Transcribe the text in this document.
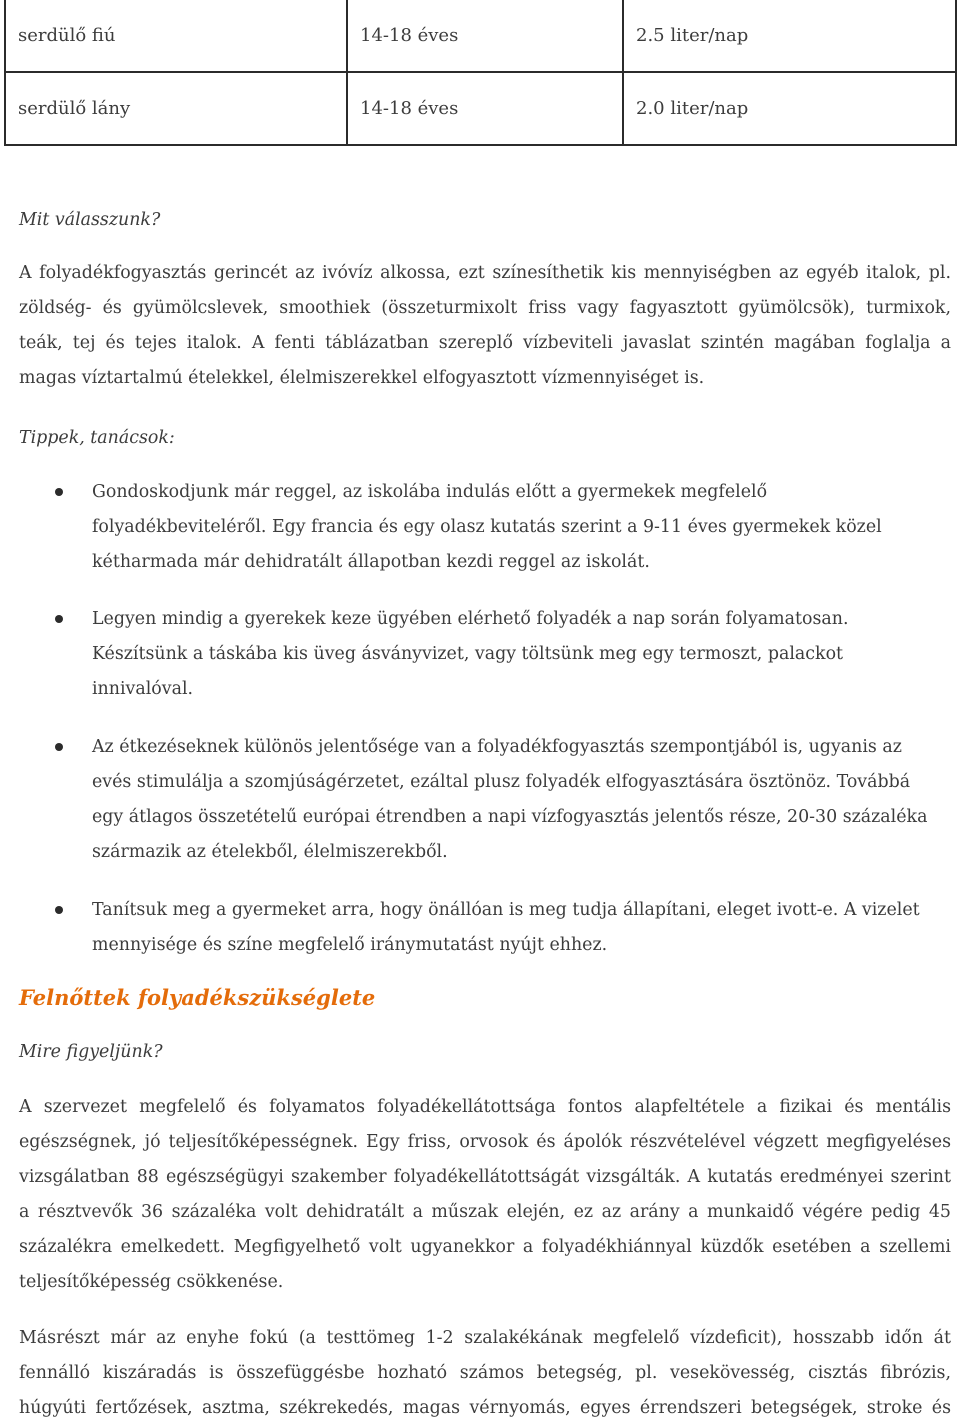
serdülő fiú	14-18 éves	2.5 liter/nap
serdülő lány	14-18 éves	2.0 liter/nap
Mit válasszunk?
A folyadékfogyasztás gerincét az ivóvíz alkossa, ezt színesíthetik kis mennyiségben az egyéb italok, pl.
zöldség- és gyümölcslevek, smoothiek (összeturmixolt friss vagy fagyasztott gyümölcsök), turmixok,
teák, tej és tejes italok. A fenti táblázatban szereplő vízbeviteli javaslat szintén magában foglalja a
magas víztartalmú ételekkel, élelmiszerekkel elfogyasztott vízmennyiséget is.
Tippek, tanácsok:
Gondoskodjunk már reggel, az iskolába indulás előtt a gyermekek megfelelő
folyadékbeviteléről. Egy francia és egy olasz kutatás szerint a 9-11 éves gyermekek közel
kétharmada már dehidratált állapotban kezdi reggel az iskolát.
Legyen mindig a gyerekek keze ügyében elérhető folyadék a nap során folyamatosan.
Készítsünk a táskába kis üveg ásványvizet, vagy töltsünk meg egy termoszt, palackot
innivalóval.
Az étkezéseknek különös jelentősége van a folyadékfogyasztás szempontjából is, ugyanis az
evés stimulálja a szomjúságérzetet, ezáltal plusz folyadék elfogyasztására ösztönöz. Továbbá
egy átlagos összetételű európai étrendben a napi vízfogyasztás jelentős része, 20-30 százaléka
származik az ételekből, élelmiszerekből.
Tanítsuk meg a gyermeket arra, hogy önállóan is meg tudja állapítani, eleget ivott-e. A vizelet
mennyisége és színe megfelelő iránymutatást nyújt ehhez.
Felnőttek folyadékszükséglete
Mire figyeljünk?
A szervezet megfelelő és folyamatos folyadékellátottsága fontos alapfeltétele a fizikai és mentális
egészségnek, jó teljesítőképességnek. Egy friss, orvosok és ápolók részvételével végzett megfigyeléses
vizsgálatban 88 egészségügyi szakember folyadékellátottságát vizsgálták. A kutatás eredményei szerint
a résztvevők 36 százaléka volt dehidratált a műszak elején, ez az arány a munkaidő végére pedig 45
százalékra emelkedett. Megfigyelhető volt ugyanekkor a folyadékhiánnyal küzdők esetében a szellemi
teljesítőképesség csökkenése.
Másrészt már az enyhe fokú (a testtömeg 1-2 szalakékának megfelelő vízdeficit), hosszabb időn át
fennálló kiszáradás is összefüggésbe hozható számos betegség, pl. vesekövesség, cisztás fibrózis,
húgyúti fertőzések, asztma, székrekedés, magas vérnyomás, egyes érrendszeri betegségek, stroke és
